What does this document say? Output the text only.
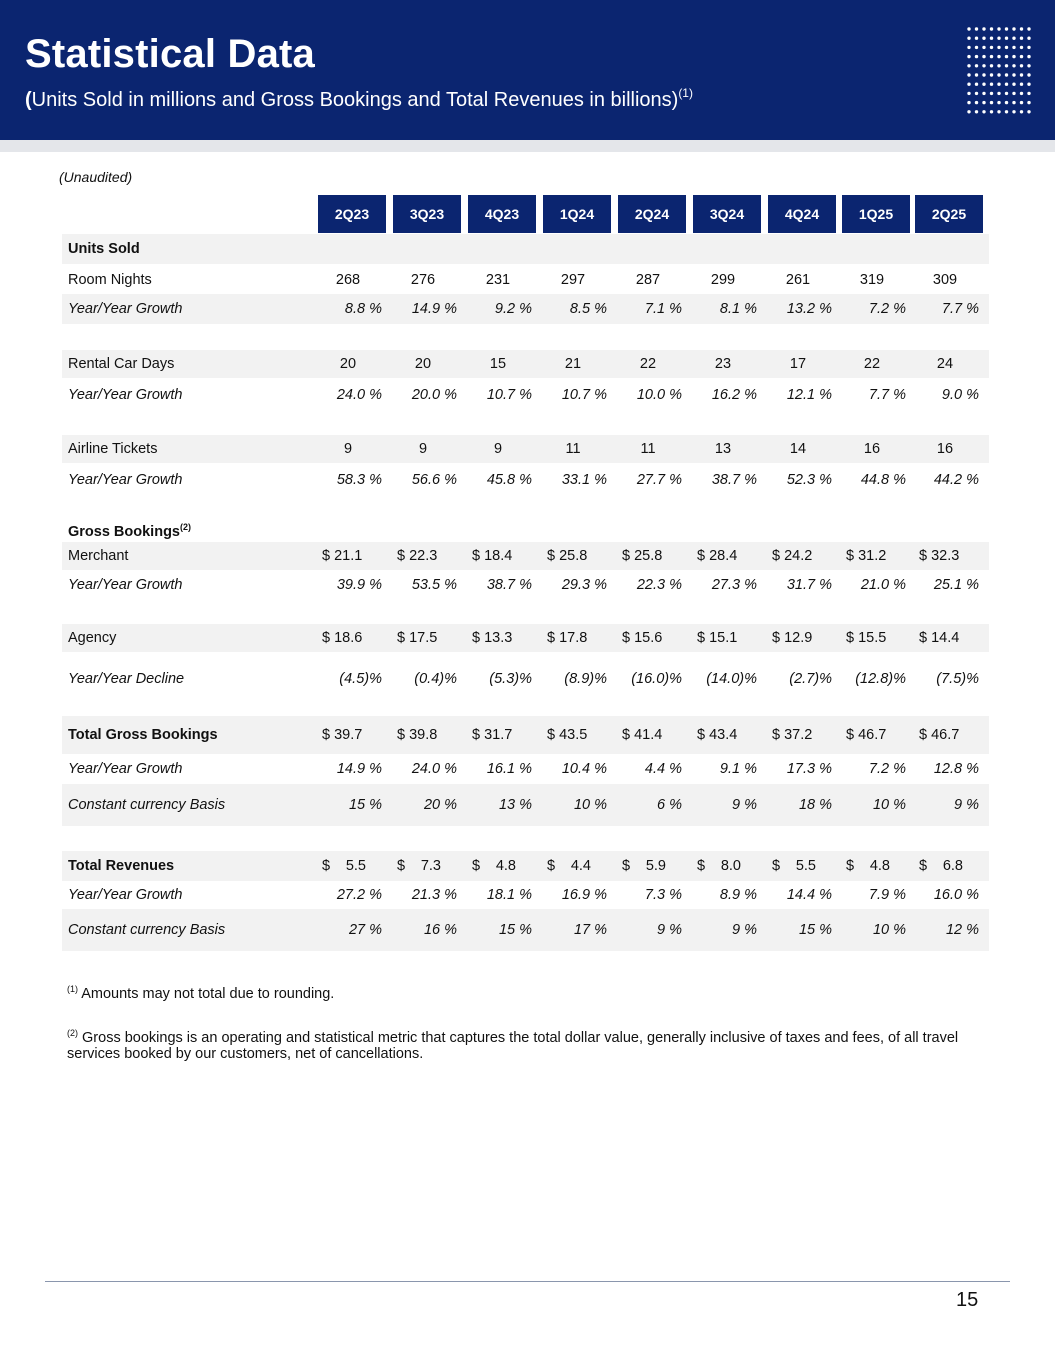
Statistical Data
(Units Sold in millions and Gross Bookings and Total Revenues in billions)$^{(1)}$
(Unaudited)
2Q23	3Q23	4Q23	1Q24	2Q24	3Q24	4Q24	1Q25	2Q25
Units Sold
Room Nights	268	276	231	297	287	299	261	319	309
Year/Year Growth	8.8 %	14.9 %	9.2 %	8.5 %	7.1 %	8.1 %	13.2 %	7.2 %	7.7 %
Rental Car Days	20	20	15	21	22	23	17	22	24
Year/Year Growth	24.0 %	20.0 %	10.7 %	10.7 %	10.0 %	16.2 %	12.1 %	7.7 %	9.0 %
Airline Tickets	9	9	9	11	11	13	14	16	16
Year/Year Growth	58.3 %	56.6 %	45.8 %	33.1 %	27.7 %	38.7 %	52.3 %	44.8 %	44.2 %
Gross Bookings$^{(2)}$
Merchant	$ 21.1 $ 22.3 $ 18.4 $ 25.8 $ 25.8 $ 28.4 $ 24.2 $ 31.2 $ 32.3
Year/Year Growth	39.9 %	53.5 %	38.7 %	29.3 %	22.3 %	27.3 %	31.7 %	21.0 %	25.1 %
Agency	$ 18.6 $ 17.5 $ 13.3 $ 17.8 $ 15.6 $ 15.1 $ 12.9 $ 15.5 $ 14.4
Year/Year Decline	(4.5)%	(0.4)%	(5.3)%	(8.9)%	(16.0)%	(14.0)%	(2.7)%	(12.8)%	(7.5)%
Total Gross Bookings	$ 39.7 $ 39.8 $ 31.7 $ 43.5 $ 41.4 $ 43.4 $ 37.2 $ 46.7 $ 46.7
Year/Year Growth	14.9 %	24.0 %	16.1 %	10.4 %	4.4 %	9.1 %	17.3 %	7.2 %	12.8 %
Constant currency Basis	15 %	20 %	13 %	10 %	6 %	9 %	18 %	10 %	9 %
Total Revenues	$ 5.5 $ 7.3 $ 4.8 $ 4.4 $ 5.9 $ 8.0 $ 5.5 $ 4.8 $ 6.8
Year/Year Growth	27.2 %	21.3 %	18.1 %	16.9 %	7.3 %	8.9 %	14.4 %	7.9 %	16.0 %
Constant currency Basis	27 %	16 %	15 %	17 %	9 %	9 %	15 %	10 %	12 %
$^{(1)}$ Amounts may not total due to rounding.
$^{(2)}$ Gross bookings is an operating and statistical metric that captures the total dollar value, generally inclusive of taxes and fees, of all travel services booked by our customers, net of cancellations.
15
